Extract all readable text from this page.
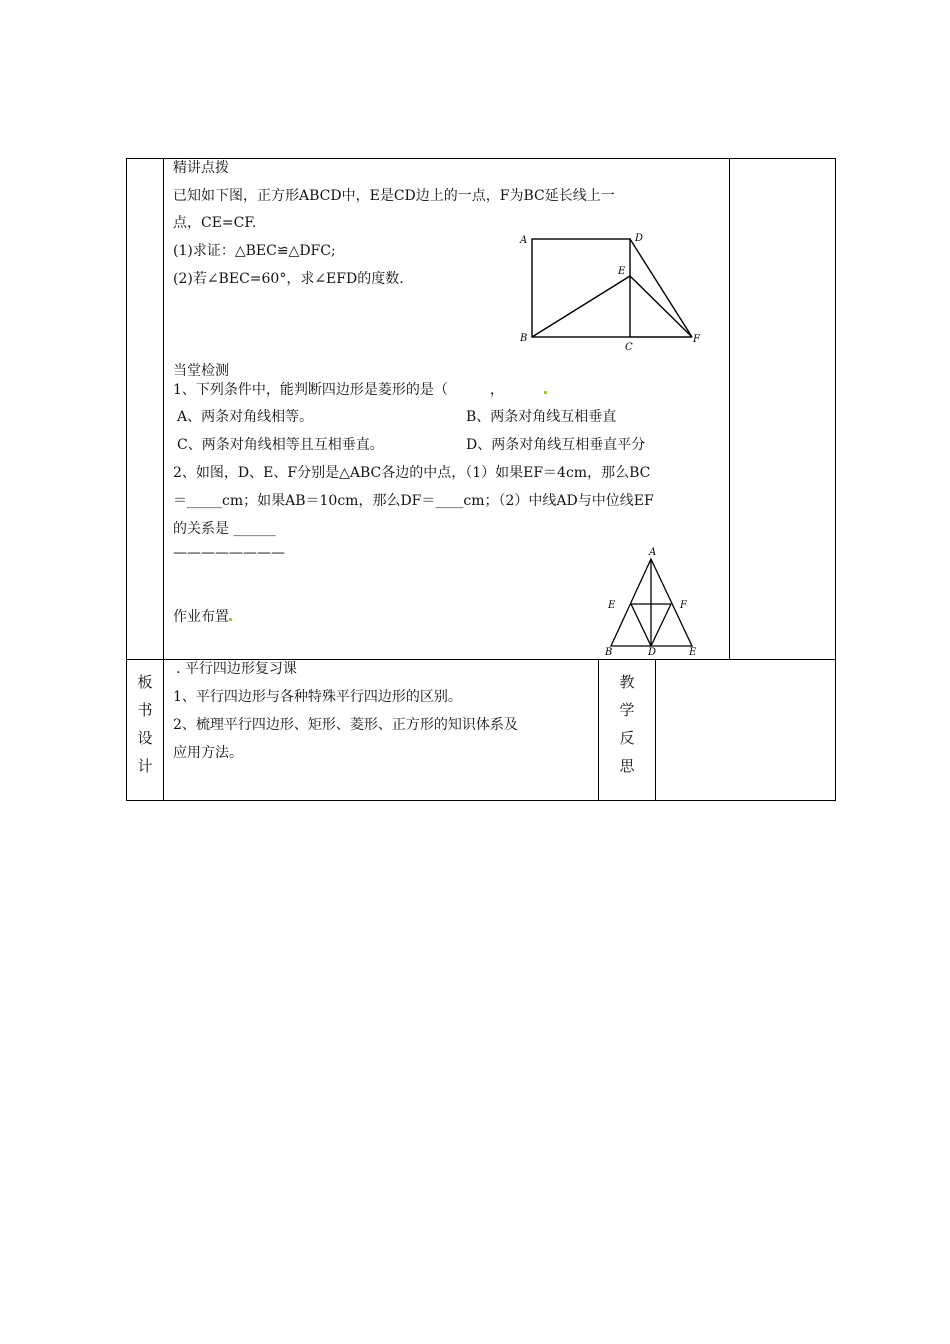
精讲点拨
已知如下图，正方形ABCD中，E是CD边上的一点，F为BC延长线上一
点，CE=CF.
(1)求证：△BEC≌△DFC;
(2)若∠BEC=60°，求∠EFD的度数.
A	D
E
B
C
F
当堂检测
1、下列条件中，能判断四边形是菱形的是（　　　，
A、两条对角线相等。	B、两条对角线互相垂直
C、两条对角线相等且互相垂直。	D、两条对角线互相垂直平分
2、如图，D、E、F分别是△ABC各边的中点，（1）如果EF＝4cm，那么BC
＝_____cm；如果AB＝10cm，那么DF＝____cm；（2）中线AD与中位线EF
的关系是 ______
————————	A
E	F
B	D	E
作业布置
板
书
设
计
. 平行四边形复习课
1、平行四边形与各种特殊平行四边形的区别。
2、梳理平行四边形、矩形、菱形、正方形的知识体系及
应用方法。
教
学
反
思
